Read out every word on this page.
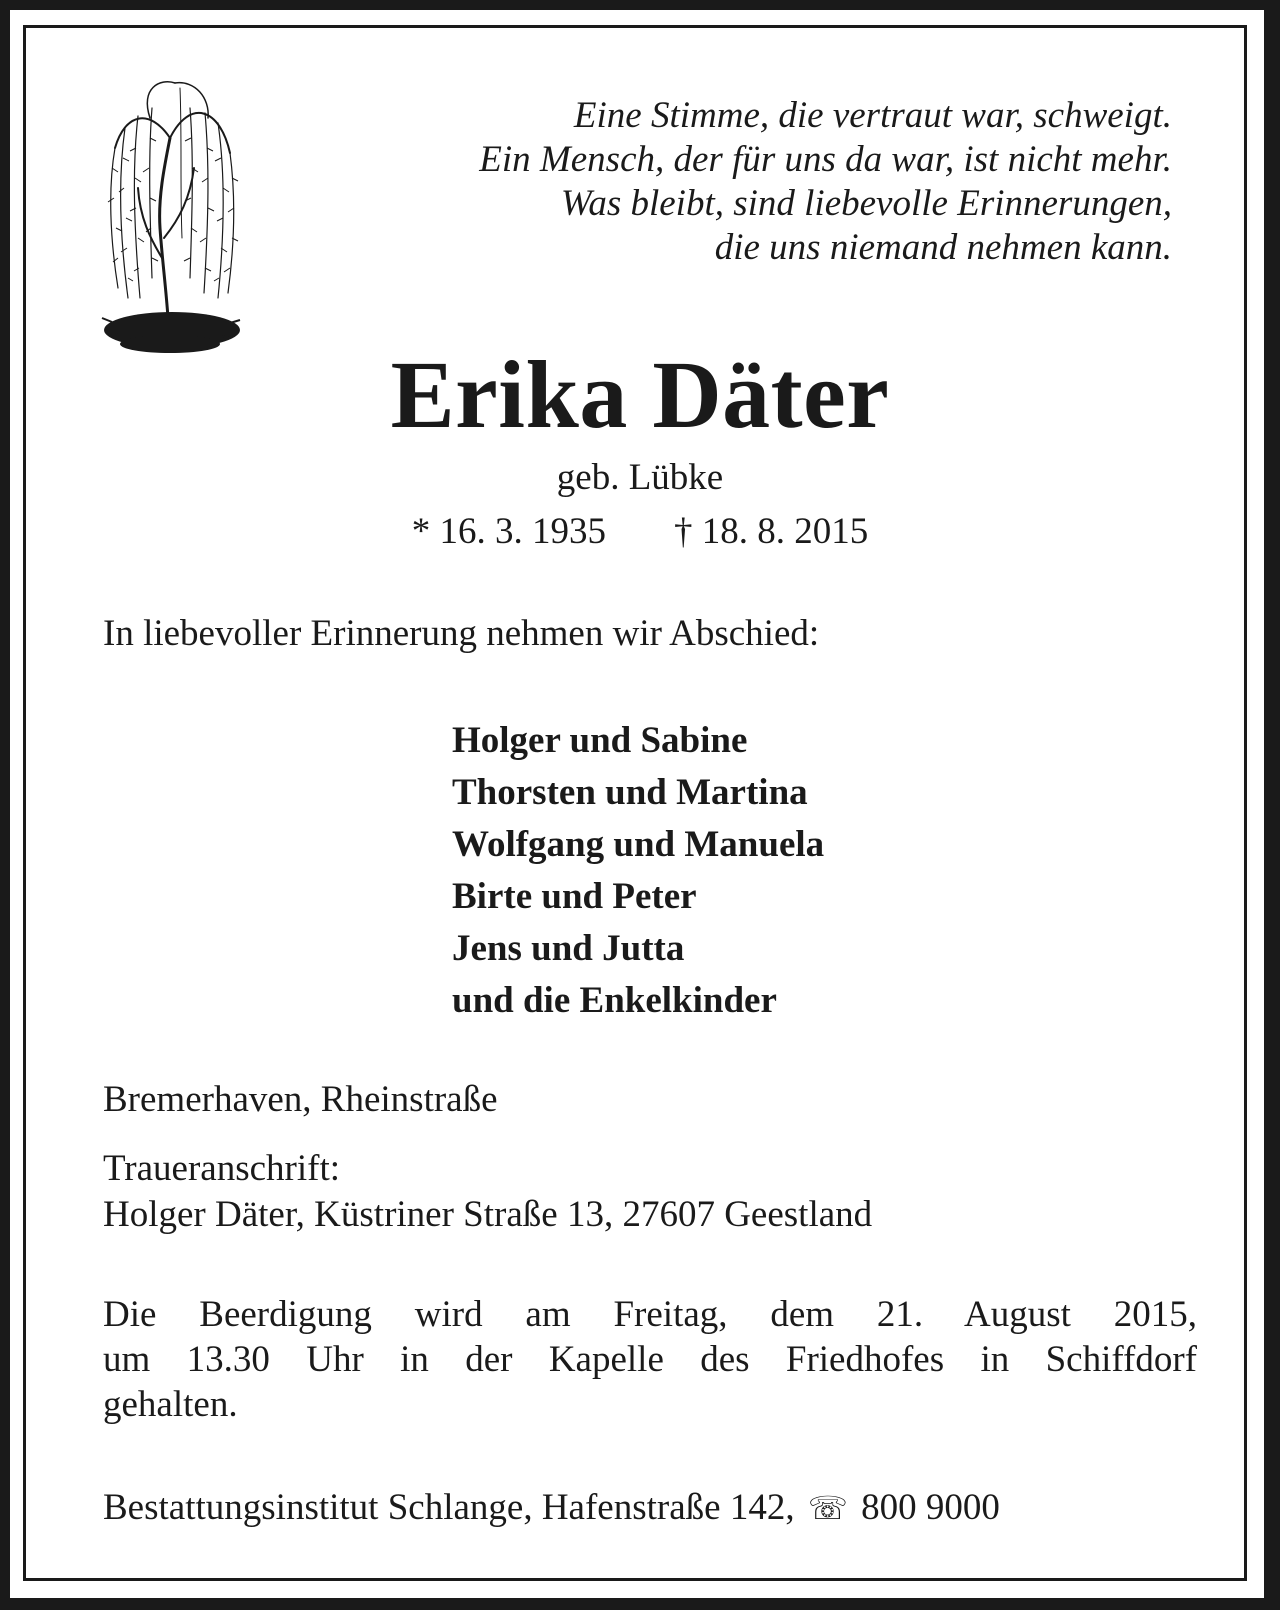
Eine Stimme, die vertraut war, schweigt.
Ein Mensch, der für uns da war, ist nicht mehr.
Was bleibt, sind liebevolle Erinnerungen,
die uns niemand nehmen kann.
Erika Däter
geb. Lübke
* 16. 3. 1935 † 18. 8. 2015
In liebevoller Erinnerung nehmen wir Abschied:
Holger und Sabine
Thorsten und Martina
Wolfgang und Manuela
Birte und Peter
Jens und Jutta
und die Enkelkinder
Bremerhaven, Rheinstraße
Traueranschrift:
Holger Däter, Küstriner Straße 13, 27607 Geestland
Die Beerdigung wird am Freitag, dem 21. August 2015,
um 13.30 Uhr in der Kapelle des Friedhofes in Schiffdorf
gehalten.
Bestattungsinstitut Schlange, Hafenstraße 142, ☏ 800 9000
